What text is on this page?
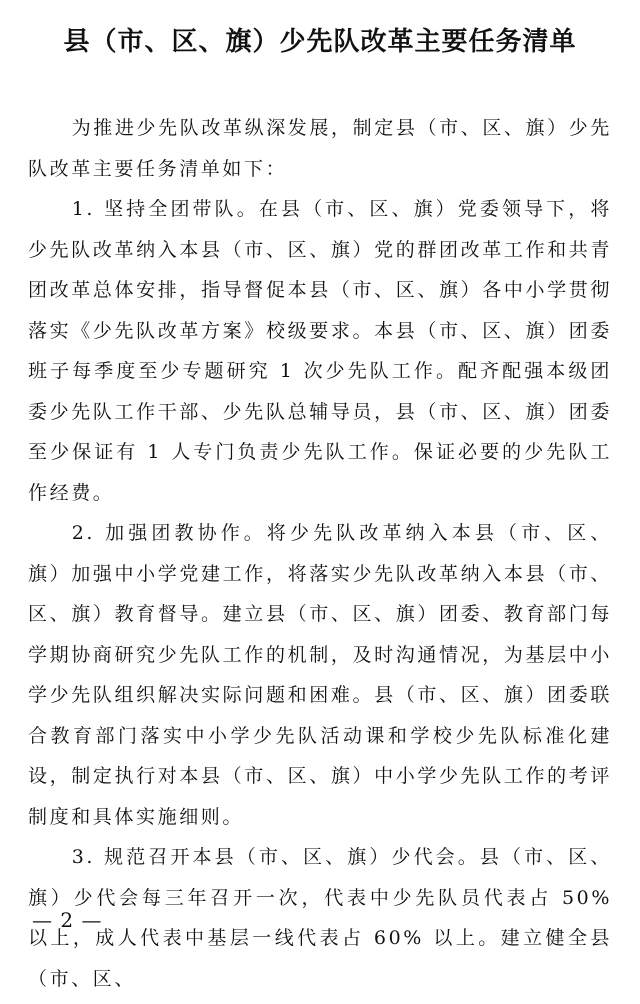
县（市、区、旗）少先队改革主要任务清单

为推进少先队改革纵深发展，制定县（市、区、旗）少先队改革主要任务清单如下：

1. 坚持全团带队。在县（市、区、旗）党委领导下，将少先队改革纳入本县（市、区、旗）党的群团改革工作和共青团改革总体安排，指导督促本县（市、区、旗）各中小学贯彻落实《少先队改革方案》校级要求。本县（市、区、旗）团委班子每季度至少专题研究 1 次少先队工作。配齐配强本级团委少先队工作干部、少先队总辅导员，县（市、区、旗）团委至少保证有 1 人专门负责少先队工作。保证必要的少先队工作经费。

2. 加强团教协作。将少先队改革纳入本县（市、区、旗）加强中小学党建工作，将落实少先队改革纳入本县（市、区、旗）教育督导。建立县（市、区、旗）团委、教育部门每学期协商研究少先队工作的机制，及时沟通情况，为基层中小学少先队组织解决实际问题和困难。县（市、区、旗）团委联合教育部门落实中小学少先队活动课和学校少先队标准化建设，制定执行对本县（市、区、旗）中小学少先队工作的考评制度和具体实施细则。

3. 规范召开本县（市、区、旗）少代会。县（市、区、旗）少代会每三年召开一次，代表中少先队员代表占 50% 以上，成人代表中基层一线代表占 60% 以上。建立健全县（市、区、

— 2 —
